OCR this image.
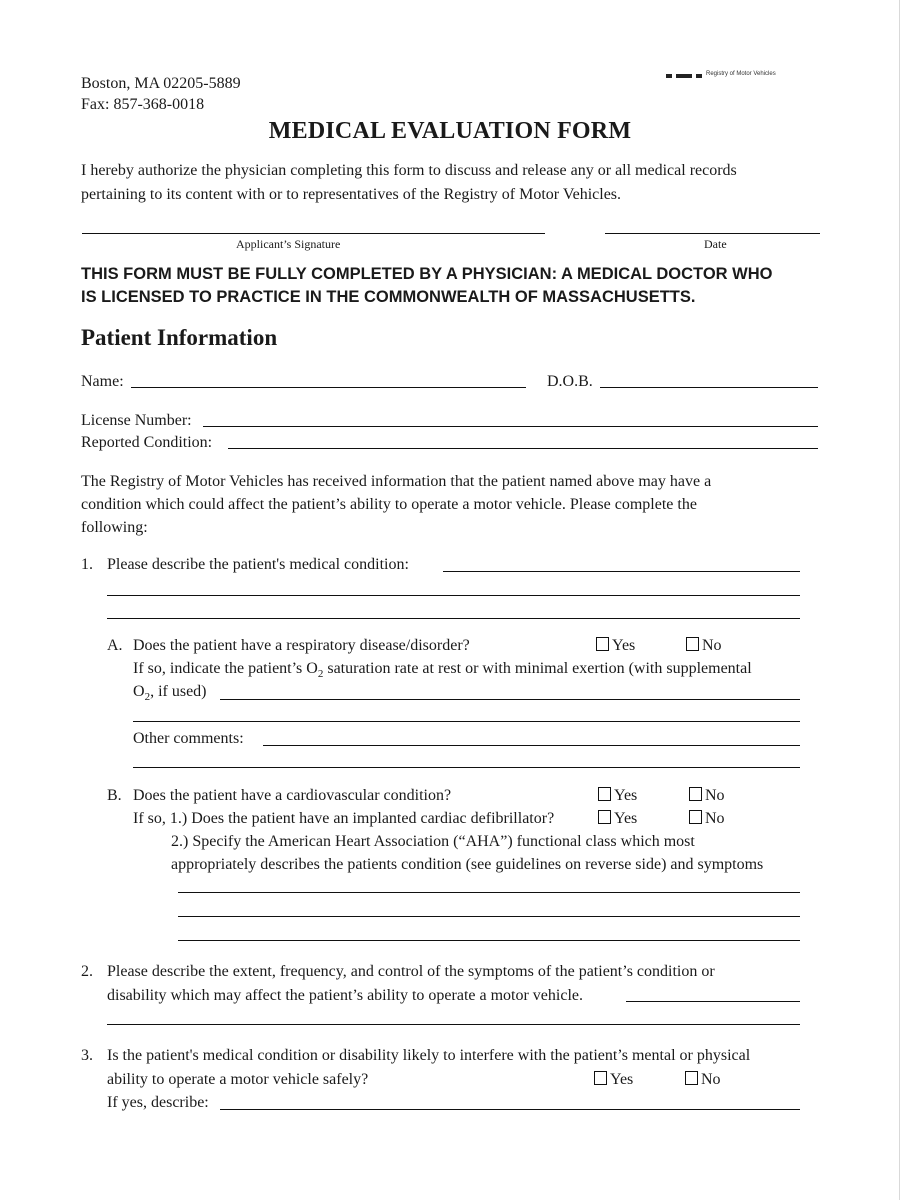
Boston, MA 02205-5889
Fax: 857-368-0018
Registry of Motor Vehicles
MEDICAL EVALUATION FORM
I hereby authorize the physician completing this form to discuss and release any or all medical records
pertaining to its content with or to representatives of the Registry of Motor Vehicles.
Applicant’s Signature	Date
THIS FORM MUST BE FULLY COMPLETED BY A PHYSICIAN: A MEDICAL DOCTOR WHO
IS LICENSED TO PRACTICE IN THE COMMONWEALTH OF MASSACHUSETTS.
Patient Information
Name:	D.O.B.
License Number:
Reported Condition:
The Registry of Motor Vehicles has received information that the patient named above may have a
condition which could affect the patient’s ability to operate a motor vehicle. Please complete the
following:
1. Please describe the patient's medical condition:
A. Does the patient have a respiratory disease/disorder?	Yes	No
If so, indicate the patient’s $O_2$ saturation rate at rest or with minimal exertion (with supplemental
$O_2$, if used)
Other comments:
B. Does the patient have a cardiovascular condition?	Yes	No
If so, 1.) Does the patient have an implanted cardiac defibrillator?	Yes	No
2.) Specify the American Heart Association (“AHA”) functional class which most
appropriately describes the patients condition (see guidelines on reverse side) and symptoms
2. Please describe the extent, frequency, and control of the symptoms of the patient’s condition or
disability which may affect the patient’s ability to operate a motor vehicle.
3. Is the patient's medical condition or disability likely to interfere with the patient’s mental or physical
ability to operate a motor vehicle safely?	Yes	No
If yes, describe:
